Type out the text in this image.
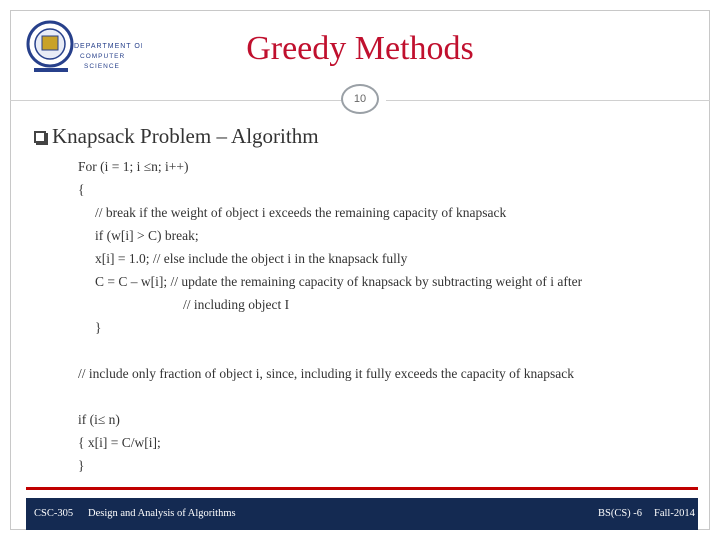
DEPARTMENT OF
COMPUTER
SCIENCE	Greedy Methods
10
Knapsack Problem – Algorithm
For (i = 1; i ≤n; i++)
{
// break if the weight of object i exceeds the remaining capacity of knapsack
if (w[i] > C) break;
x[i] = 1.0; // else include the object i in the knapsack fully
C = C – w[i]; // update the remaining capacity of knapsack by subtracting weight of i after
// including object I
}
// include only fraction of object i, since, including it fully exceeds the capacity of knapsack
if (i≤ n)
{ x[i] = C/w[i];
}
CSC-305 Design and Analysis of Algorithms	BS(CS) -6 Fall-2014
